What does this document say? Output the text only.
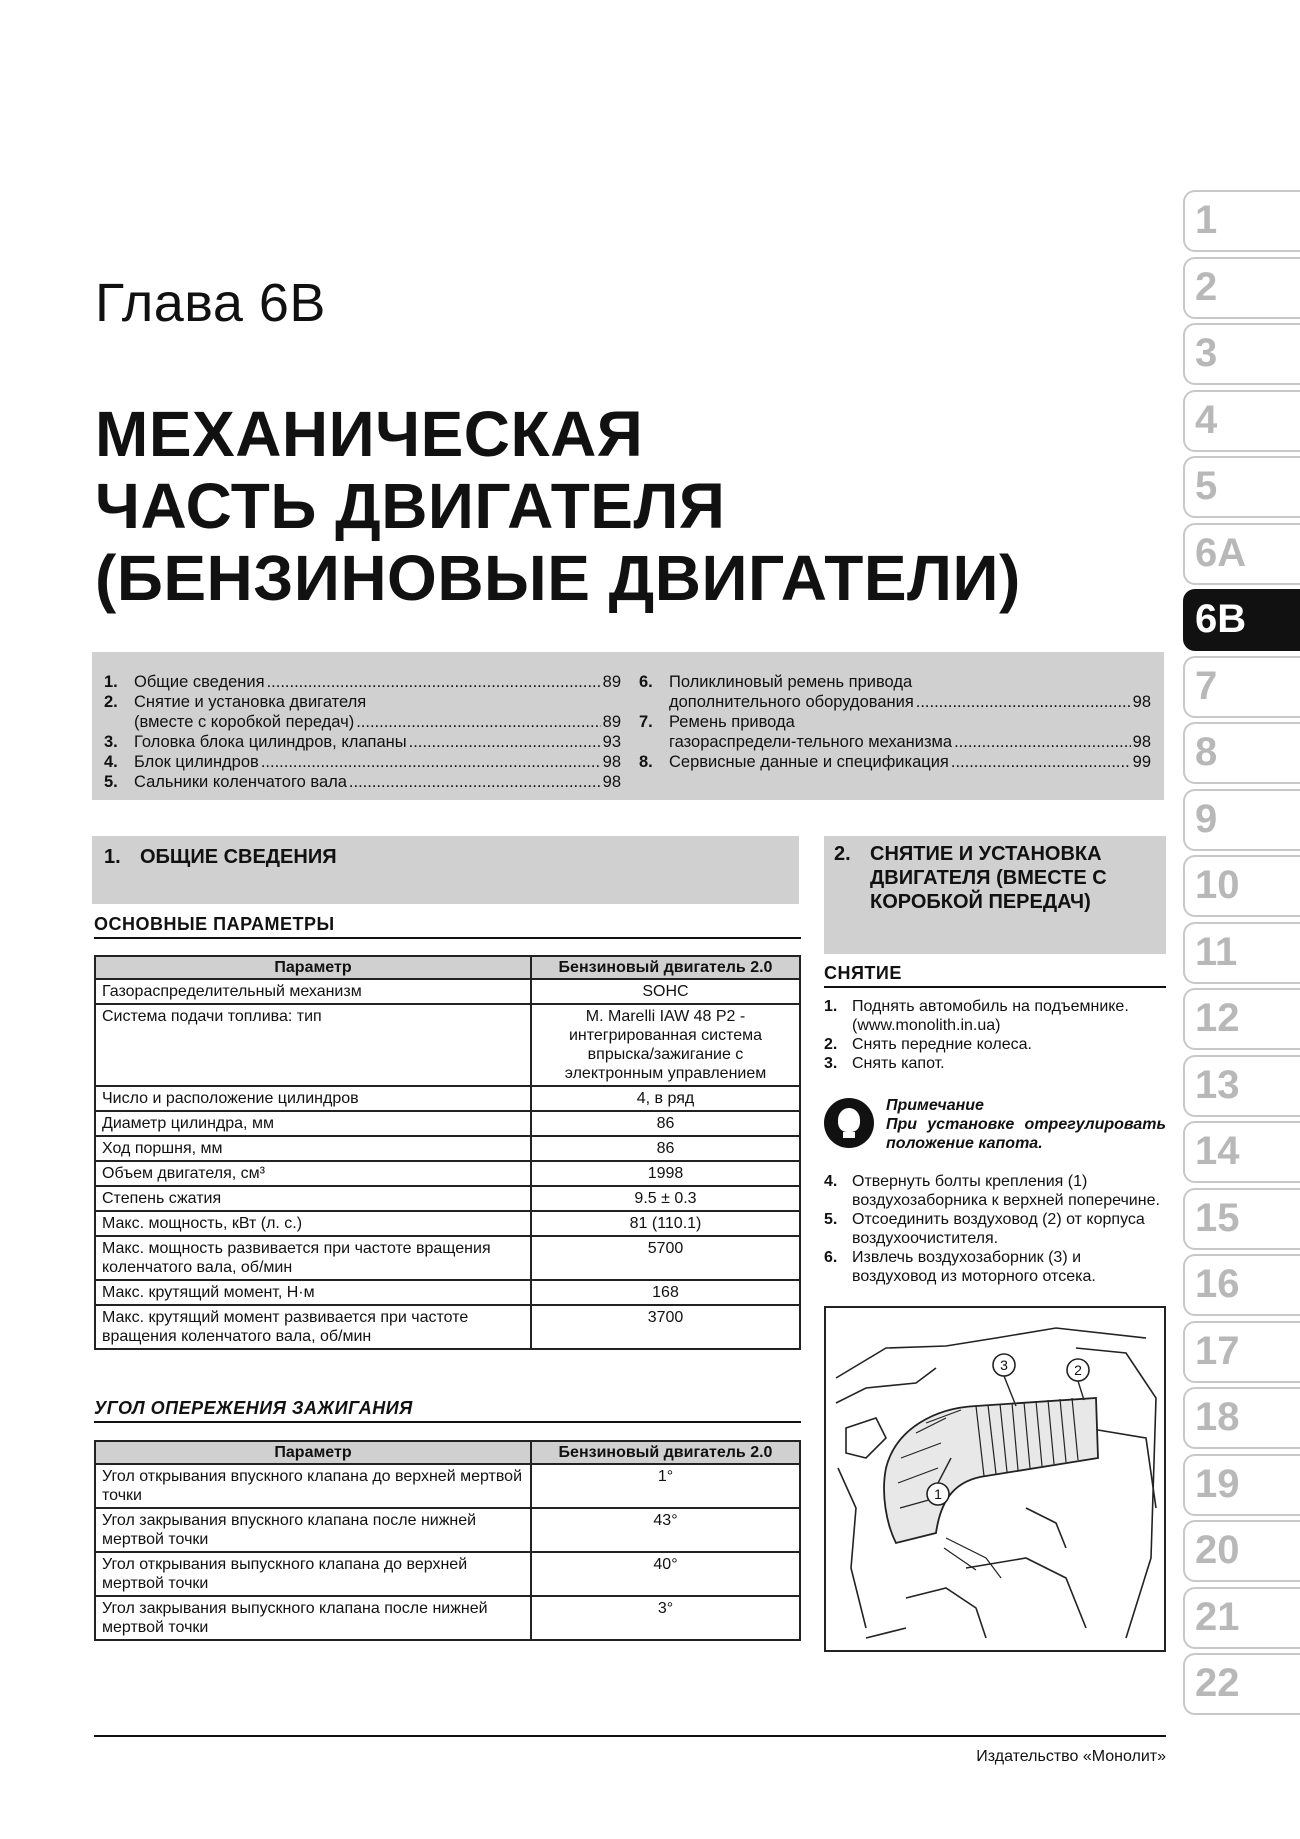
Глава 6В
МЕХАНИЧЕСКАЯ
ЧАСТЬ ДВИГАТЕЛЯ
(БЕНЗИНОВЫЕ ДВИГАТЕЛИ)
1. Общие сведения .....	89
2. Снятие и установка двигателя
(вместе с коробкой передач) .....	89
3. Головка блока цилиндров, клапаны .....	93
4. Блок цилиндров .....	98
5. Сальники коленчатого вала .....	98
6. Поликлиновый ремень привода
дополнительного оборудования .....	98
7. Ремень привода
газораспредели-тельного механизма .....	98
8. Сервисные данные и спецификация .....	99
1. ОБЩИЕ СВЕДЕНИЯ
ОСНОВНЫЕ ПАРАМЕТРЫ
Параметр	Бензиновый двигатель 2.0
Газораспределительный механизм	SOHC
Система подачи топлива: тип	M. Marelli IAW 48 P2 - интегрированная система впрыска/зажигание с электронным управлением
Число и расположение цилиндров	4, в ряд
Диаметр цилиндра, мм	86
Ход поршня, мм	86
Объем двигателя, см³	1998
Степень сжатия	9.5 ± 0.3
Макс. мощность, кВт (л. с.)	81 (110.1)
Макс. мощность развивается при частоте вращения коленчатого вала, об/мин	5700
Макс. крутящий момент, Н·м	168
Макс. крутящий момент развивается при частоте вращения коленчатого вала, об/мин	3700
УГОЛ ОПЕРЕЖЕНИЯ ЗАЖИГАНИЯ
Параметр	Бензиновый двигатель 2.0
Угол открывания впускного клапана до верхней мертвой точки	1°
Угол закрывания впускного клапана после нижней мертвой точки	43°
Угол открывания выпускного клапана до верхней мертвой точки	40°
Угол закрывания выпускного клапана после нижней мертвой точки	3°
2. СНЯТИЕ И УСТАНОВКА ДВИГАТЕЛЯ (ВМЕСТЕ С КОРОБКОЙ ПЕРЕДАЧ)
СНЯТИЕ
1. Поднять автомобиль на подъемнике. (www.monolith.in.ua)
2. Снять передние колеса.
3. Снять капот.
Примечание
При установке отрегулировать положение капота.
4. Отвернуть болты крепления (1) воздухозаборника к верхней поперечине.
5. Отсоединить воздуховод (2) от корпуса воздухоочистителя.
6. Извлечь воздухозаборник (3) и воздуховод из моторного отсека.
3	2
1
1
2
3
4
5
6A
6B
7
8
9
10
11
12
13
14
15
16
17
18
19
20
21
22
Издательство «Монолит»
